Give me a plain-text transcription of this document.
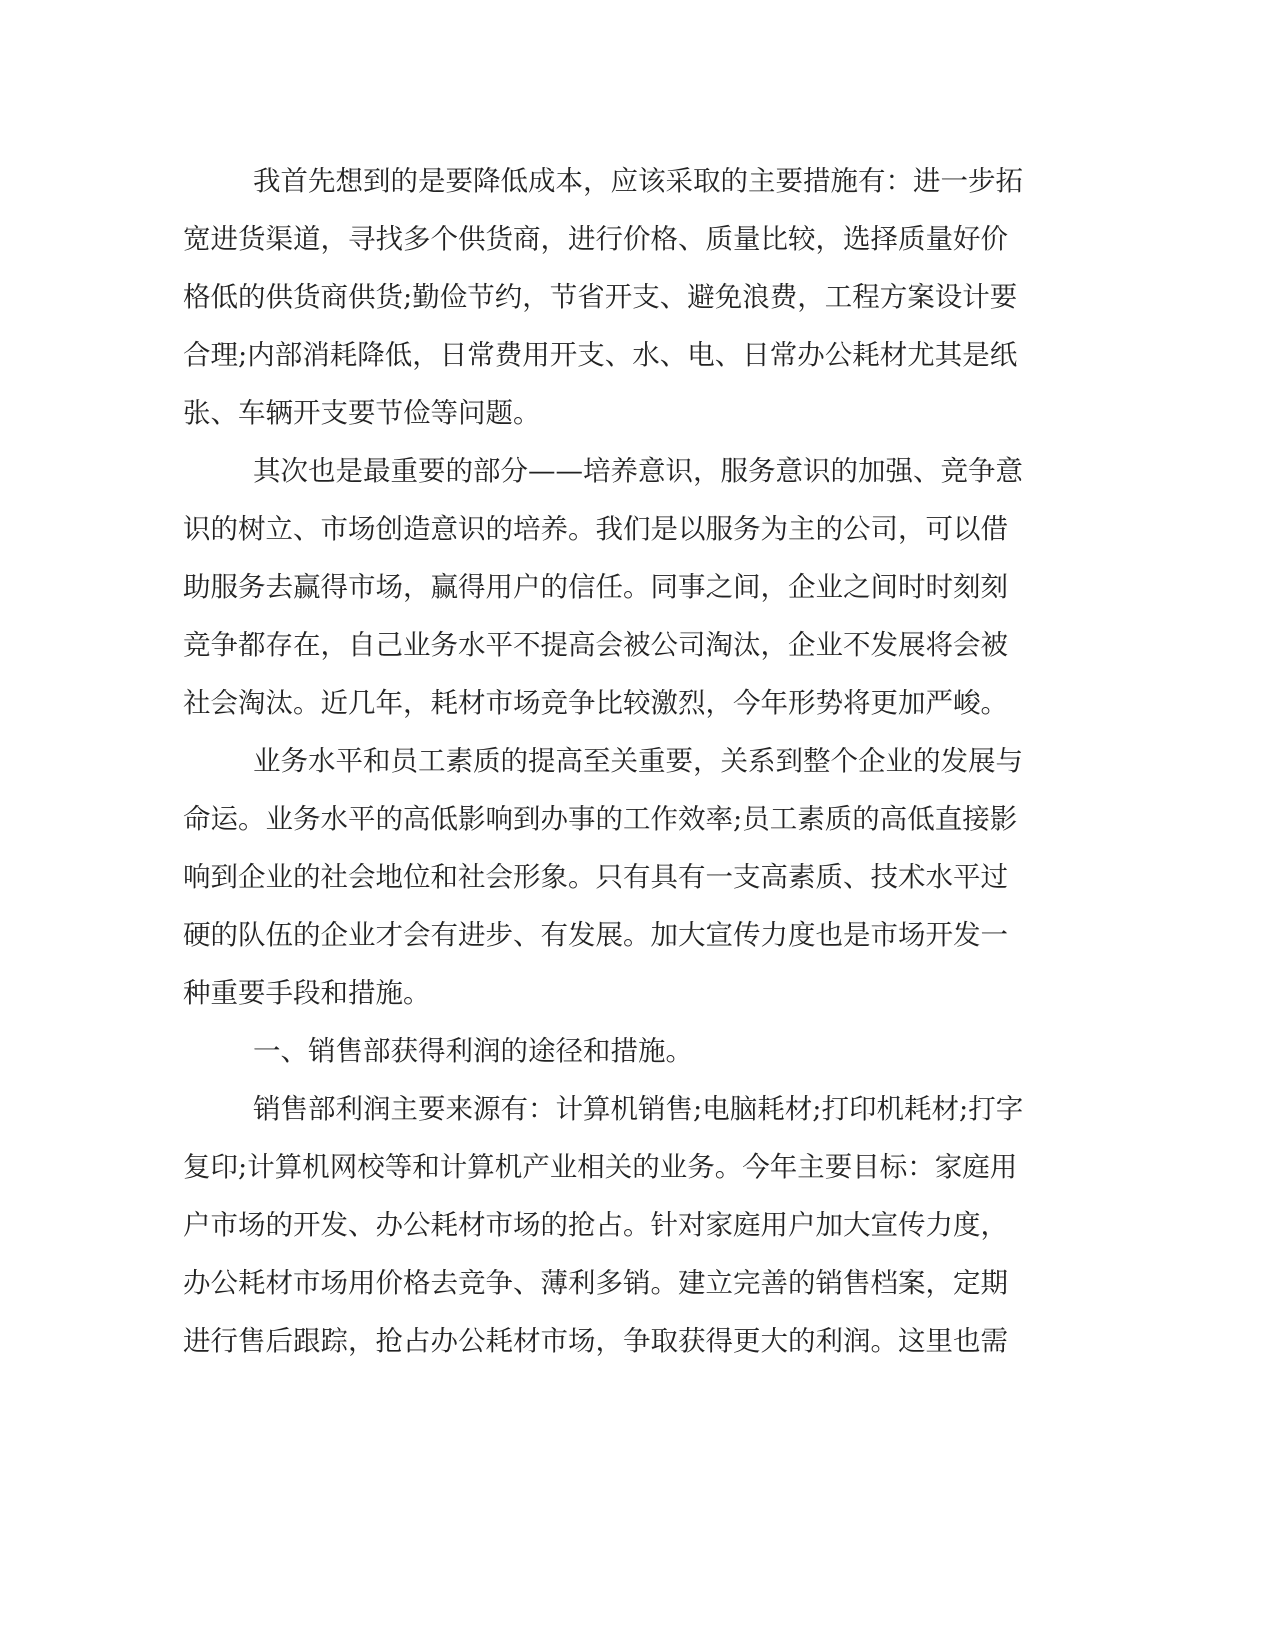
我首先想到的是要降低成本，应该采取的主要措施有：进一步拓
宽进货渠道，寻找多个供货商，进行价格、质量比较，选择质量好价
格低的供货商供货;勤俭节约，节省开支、避免浪费，工程方案设计要
合理;内部消耗降低，日常费用开支、水、电、日常办公耗材尤其是纸
张、车辆开支要节俭等问题。
其次也是最重要的部分——培养意识，服务意识的加强、竞争意
识的树立、市场创造意识的培养。我们是以服务为主的公司，可以借
助服务去赢得市场，赢得用户的信任。同事之间，企业之间时时刻刻
竞争都存在，自己业务水平不提高会被公司淘汰，企业不发展将会被
社会淘汰。近几年，耗材市场竞争比较激烈，今年形势将更加严峻。
业务水平和员工素质的提高至关重要，关系到整个企业的发展与
命运。业务水平的高低影响到办事的工作效率;员工素质的高低直接影
响到企业的社会地位和社会形象。只有具有一支高素质、技术水平过
硬的队伍的企业才会有进步、有发展。加大宣传力度也是市场开发一
种重要手段和措施。
一、销售部获得利润的途径和措施。
销售部利润主要来源有：计算机销售;电脑耗材;打印机耗材;打字
复印;计算机网校等和计算机产业相关的业务。今年主要目标：家庭用
户市场的开发、办公耗材市场的抢占。针对家庭用户加大宣传力度，
办公耗材市场用价格去竞争、薄利多销。建立完善的销售档案，定期
进行售后跟踪，抢占办公耗材市场，争取获得更大的利润。这里也需
